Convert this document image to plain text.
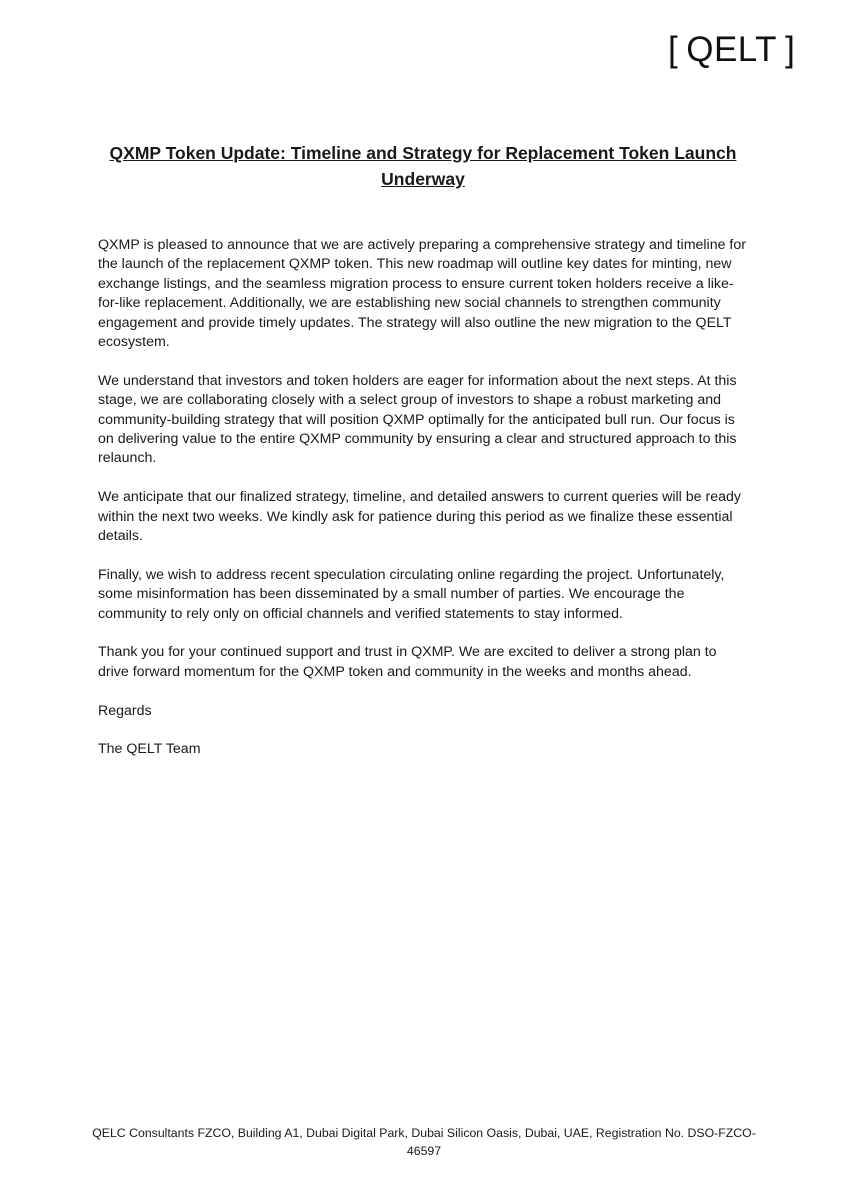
[ QELT ]
QXMP Token Update: Timeline and Strategy for Replacement Token Launch Underway

QXMP is pleased to announce that we are actively preparing a comprehensive strategy and timeline for the launch of the replacement QXMP token. This new roadmap will outline key dates for minting, new exchange listings, and the seamless migration process to ensure current token holders receive a like-for-like replacement. Additionally, we are establishing new social channels to strengthen community engagement and provide timely updates. The strategy will also outline the new migration to the QELT ecosystem.

We understand that investors and token holders are eager for information about the next steps. At this stage, we are collaborating closely with a select group of investors to shape a robust marketing and community-building strategy that will position QXMP optimally for the anticipated bull run. Our focus is on delivering value to the entire QXMP community by ensuring a clear and structured approach to this relaunch.

We anticipate that our finalized strategy, timeline, and detailed answers to current queries will be ready within the next two weeks. We kindly ask for patience during this period as we finalize these essential details.

Finally, we wish to address recent speculation circulating online regarding the project. Unfortunately, some misinformation has been disseminated by a small number of parties. We encourage the community to rely only on official channels and verified statements to stay informed.

Thank you for your continued support and trust in QXMP. We are excited to deliver a strong plan to drive forward momentum for the QXMP token and community in the weeks and months ahead.

Regards

The QELT Team

QELC Consultants FZCO, Building A1, Dubai Digital Park, Dubai Silicon Oasis, Dubai, UAE, Registration No. DSO-FZCO-46597
